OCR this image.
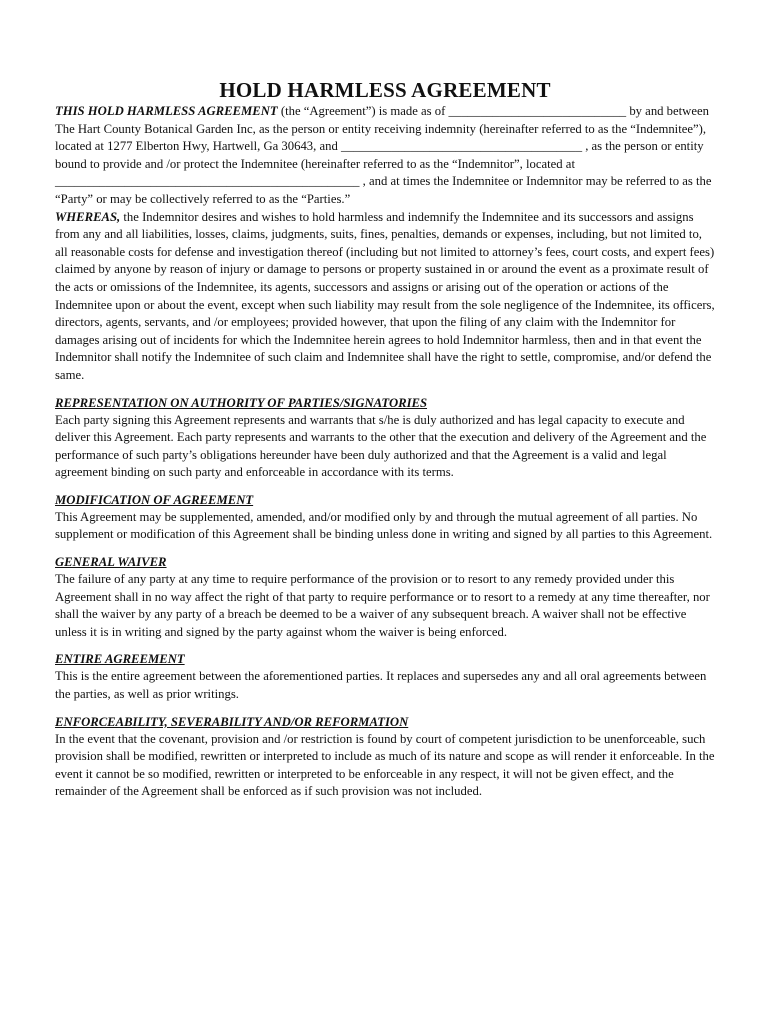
HOLD HARMLESS AGREEMENT

THIS HOLD HARMLESS AGREEMENT (the “Agreement”) is made as of ____________________________ by and between The Hart County Botanical Garden Inc, as the person or entity receiving indemnity (hereinafter referred to as the “Indemnitee”), located at 1277 Elberton Hwy, Hartwell, Ga 30643, and ______________________________________ , as the person or entity bound to provide and /or protect the Indemnitee (hereinafter referred to as the “Indemnitor”, located at ________________________________________________ , and at times the Indemnitee or Indemnitor may be referred to as the “Party” or may be collectively referred to as the “Parties.”

WHEREAS, the Indemnitor desires and wishes to hold harmless and indemnify the Indemnitee and its successors and assigns from any and all liabilities, losses, claims, judgments, suits, fines, penalties, demands or expenses, including, but not limited to, all reasonable costs for defense and investigation thereof (including but not limited to attorney’s fees, court costs, and expert fees) claimed by anyone by reason of injury or damage to persons or property sustained in or around the event as a proximate result of the acts or omissions of the Indemnitee, its agents, successors and assigns or arising out of the operation or actions of the Indemnitee upon or about the event, except when such liability may result from the sole negligence of the Indemnitee, its officers, directors, agents, servants, and /or employees; provided however, that upon the filing of any claim with the Indemnitor for damages arising out of incidents for which the Indemnitee herein agrees to hold Indemnitor harmless, then and in that event the Indemnitor shall notify the Indemnitee of such claim and Indemnitee shall have the right to settle, compromise, and/or defend the same.

REPRESENTATION ON AUTHORITY OF PARTIES/SIGNATORIES

Each party signing this Agreement represents and warrants that s/he is duly authorized and has legal capacity to execute and deliver this Agreement. Each party represents and warrants to the other that the execution and delivery of the Agreement and the performance of such party’s obligations hereunder have been duly authorized and that the Agreement is a valid and legal agreement binding on such party and enforceable in accordance with its terms.

MODIFICATION OF AGREEMENT

This Agreement may be supplemented, amended, and/or modified only by and through the mutual agreement of all parties. No supplement or modification of this Agreement shall be binding unless done in writing and signed by all parties to this Agreement.

GENERAL WAIVER

The failure of any party at any time to require performance of the provision or to resort to any remedy provided under this Agreement shall in no way affect the right of that party to require performance or to resort to a remedy at any time thereafter, nor shall the waiver by any party of a breach be deemed to be a waiver of any subsequent breach. A waiver shall not be effective unless it is in writing and signed by the party against whom the waiver is being enforced.

ENTIRE AGREEMENT

This is the entire agreement between the aforementioned parties. It replaces and supersedes any and all oral agreements between the parties, as well as prior writings.

ENFORCEABILITY, SEVERABILITY AND/OR REFORMATION

In the event that the covenant, provision and /or restriction is found by court of competent jurisdiction to be unenforceable, such provision shall be modified, rewritten or interpreted to include as much of its nature and scope as will render it enforceable. In the event it cannot be so modified, rewritten or interpreted to be enforceable in any respect, it will not be given effect, and the remainder of the Agreement shall be enforced as if such provision was not included.
